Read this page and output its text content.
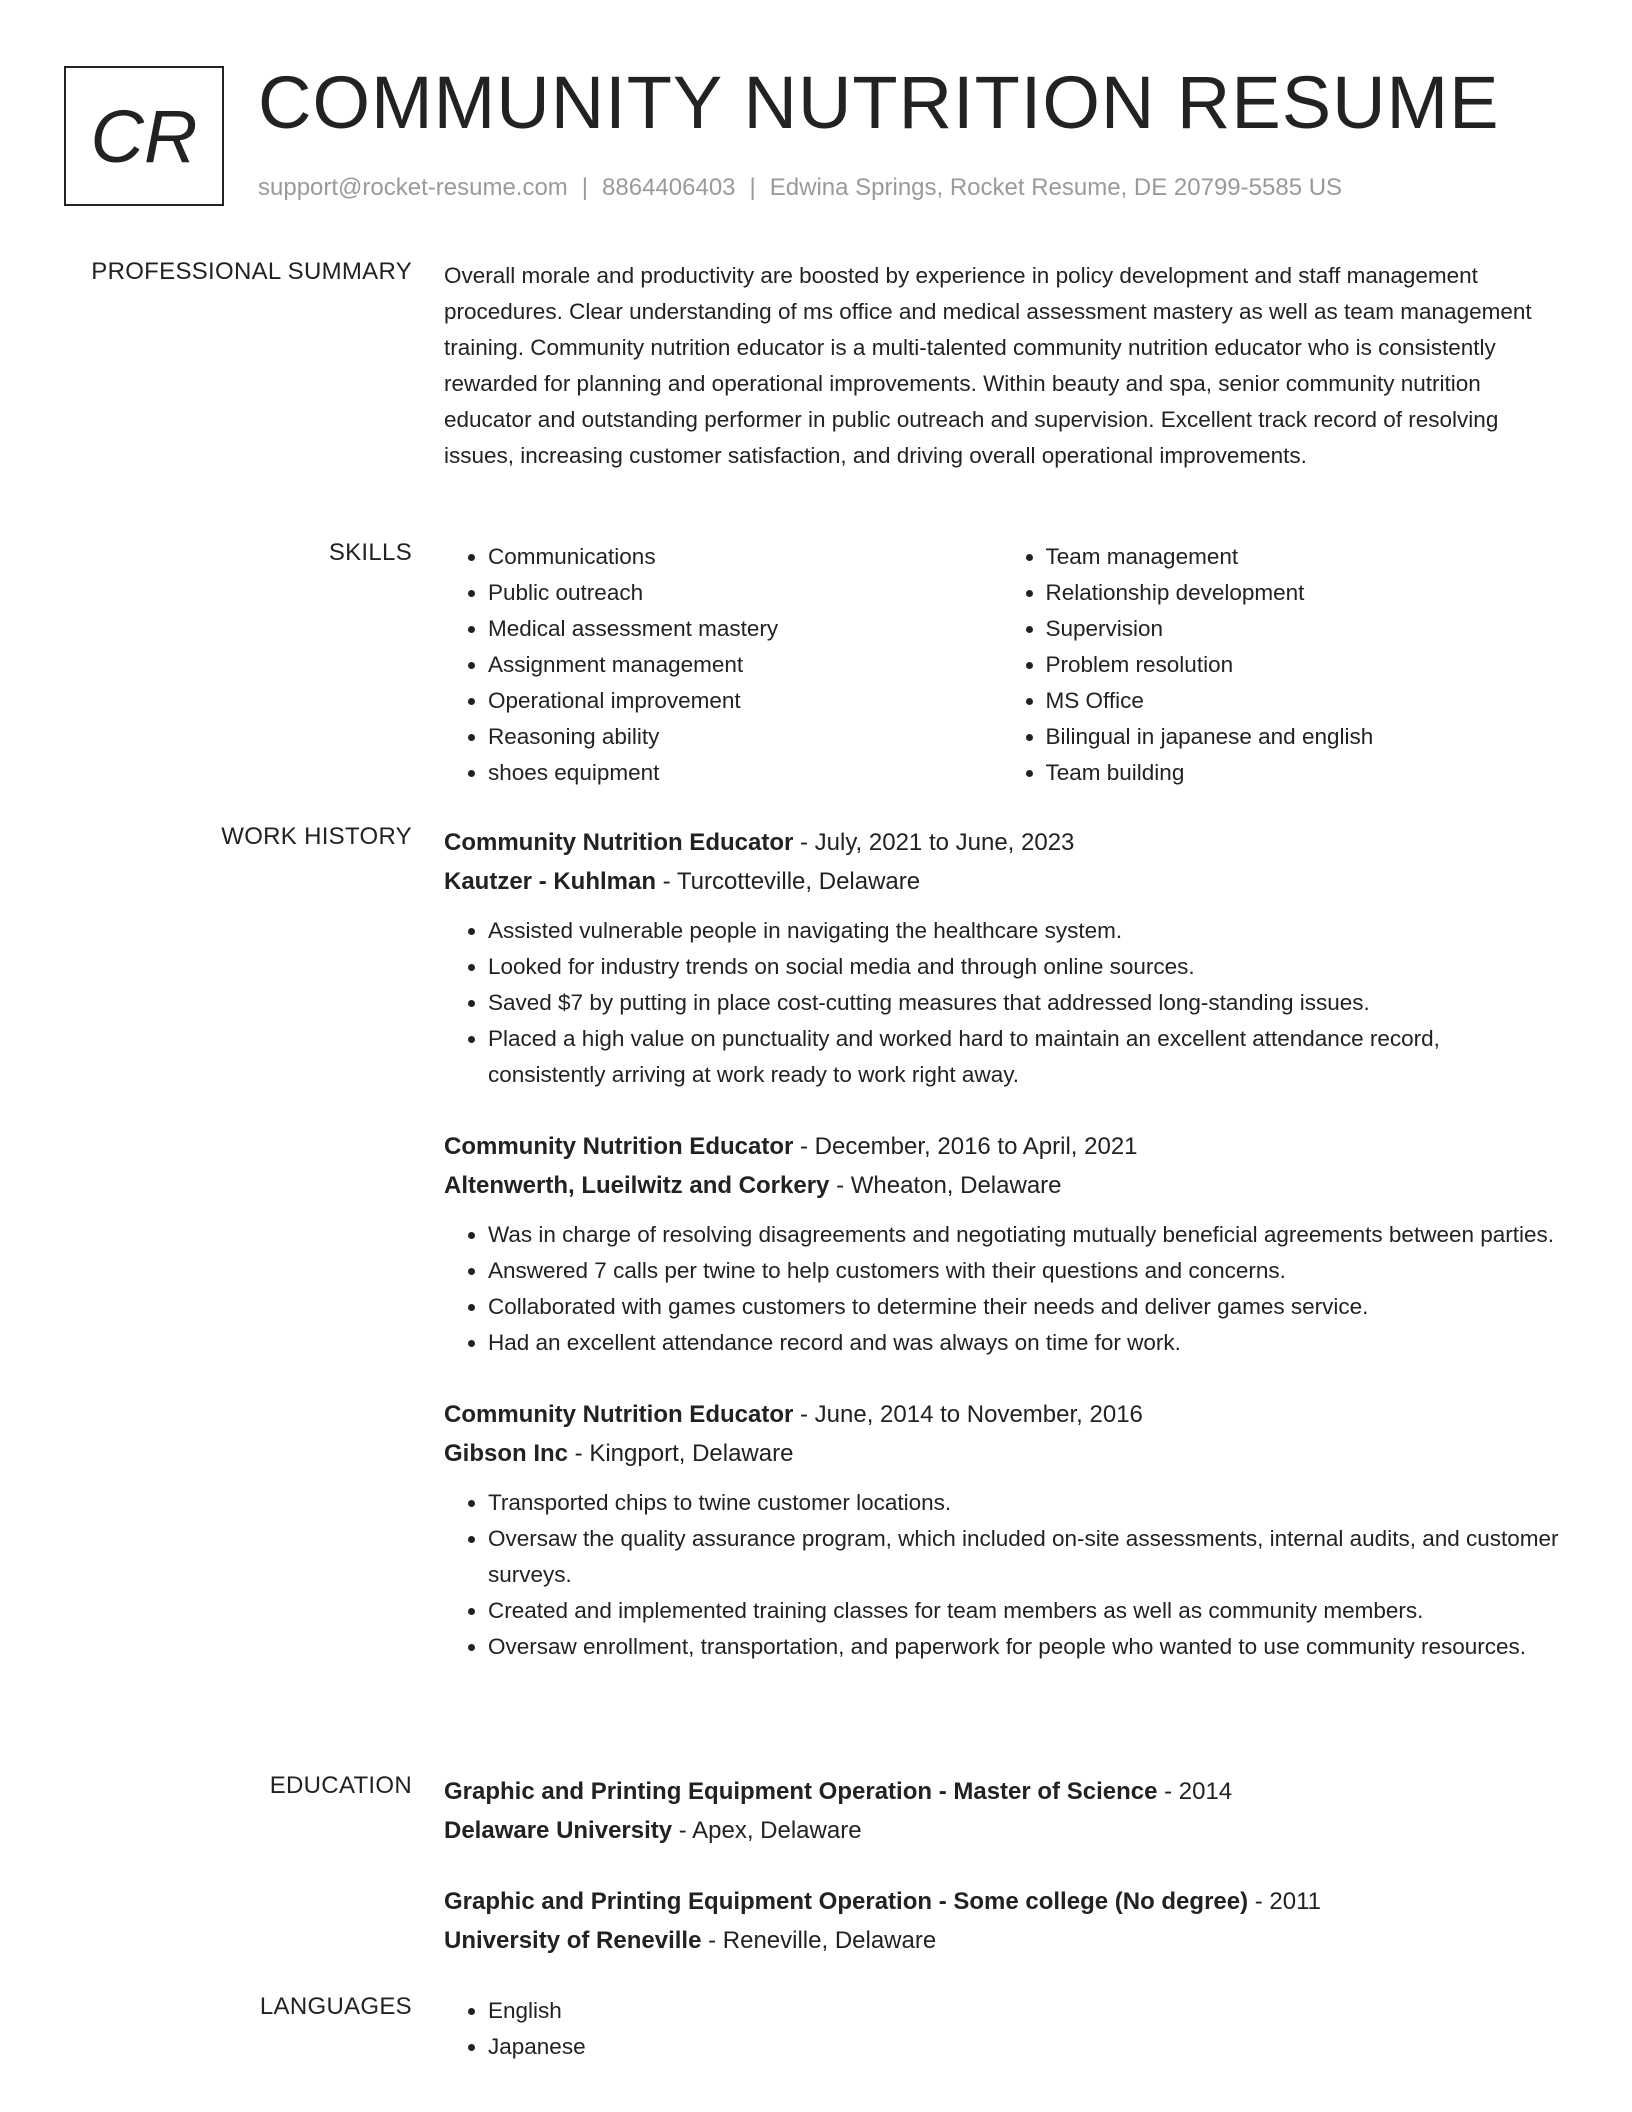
CR COMMUNITY NUTRITION RESUME
support@rocket-resume.com | 8864406403 | Edwina Springs, Rocket Resume, DE 20799-5585 US
PROFESSIONAL SUMMARY Overall morale and productivity are boosted by experience in policy development and staff management procedures. Clear understanding of ms office and medical assessment mastery as well as team management training. Community nutrition educator is a multi-talented community nutrition educator who is consistently rewarded for planning and operational improvements. Within beauty and spa, senior community nutrition educator and outstanding performer in public outreach and supervision. Excellent track record of resolving issues, increasing customer satisfaction, and driving overall operational improvements.

SKILLS	• Communications
• Public outreach
• Medical assessment mastery
• Assignment management
• Operational improvement
• Reasoning ability
• shoes equipment
• Team management
• Relationship development
• Supervision
• Problem resolution
• MS Office
• Bilingual in japanese and english
• Team building
WORK HISTORY Community Nutrition Educator - July, 2021 to June, 2023
Kautzer - Kuhlman - Turcotteville, Delaware
• Assisted vulnerable people in navigating the healthcare system.
• Looked for industry trends on social media and through online sources.
• Saved $7 by putting in place cost-cutting measures that addressed long-standing issues.
• Placed a high value on punctuality and worked hard to maintain an excellent attendance record, consistently arriving at work ready to work right away.
Community Nutrition Educator - December, 2016 to April, 2021
Altenwerth, Lueilwitz and Corkery - Wheaton, Delaware
• Was in charge of resolving disagreements and negotiating mutually beneficial agreements between parties.
• Answered 7 calls per twine to help customers with their questions and concerns.
• Collaborated with games customers to determine their needs and deliver games service.
• Had an excellent attendance record and was always on time for work.
Community Nutrition Educator - June, 2014 to November, 2016
Gibson Inc - Kingport, Delaware
• Transported chips to twine customer locations.
• Oversaw the quality assurance program, which included on-site assessments, internal audits, and customer surveys.
• Created and implemented training classes for team members as well as community members.
• Oversaw enrollment, transportation, and paperwork for people who wanted to use community resources.
EDUCATION Graphic and Printing Equipment Operation - Master of Science - 2014
Delaware University - Apex, Delaware
Graphic and Printing Equipment Operation - Some college (No degree) - 2011
University of Reneville - Reneville, Delaware
LANGUAGES	• English
• Japanese
